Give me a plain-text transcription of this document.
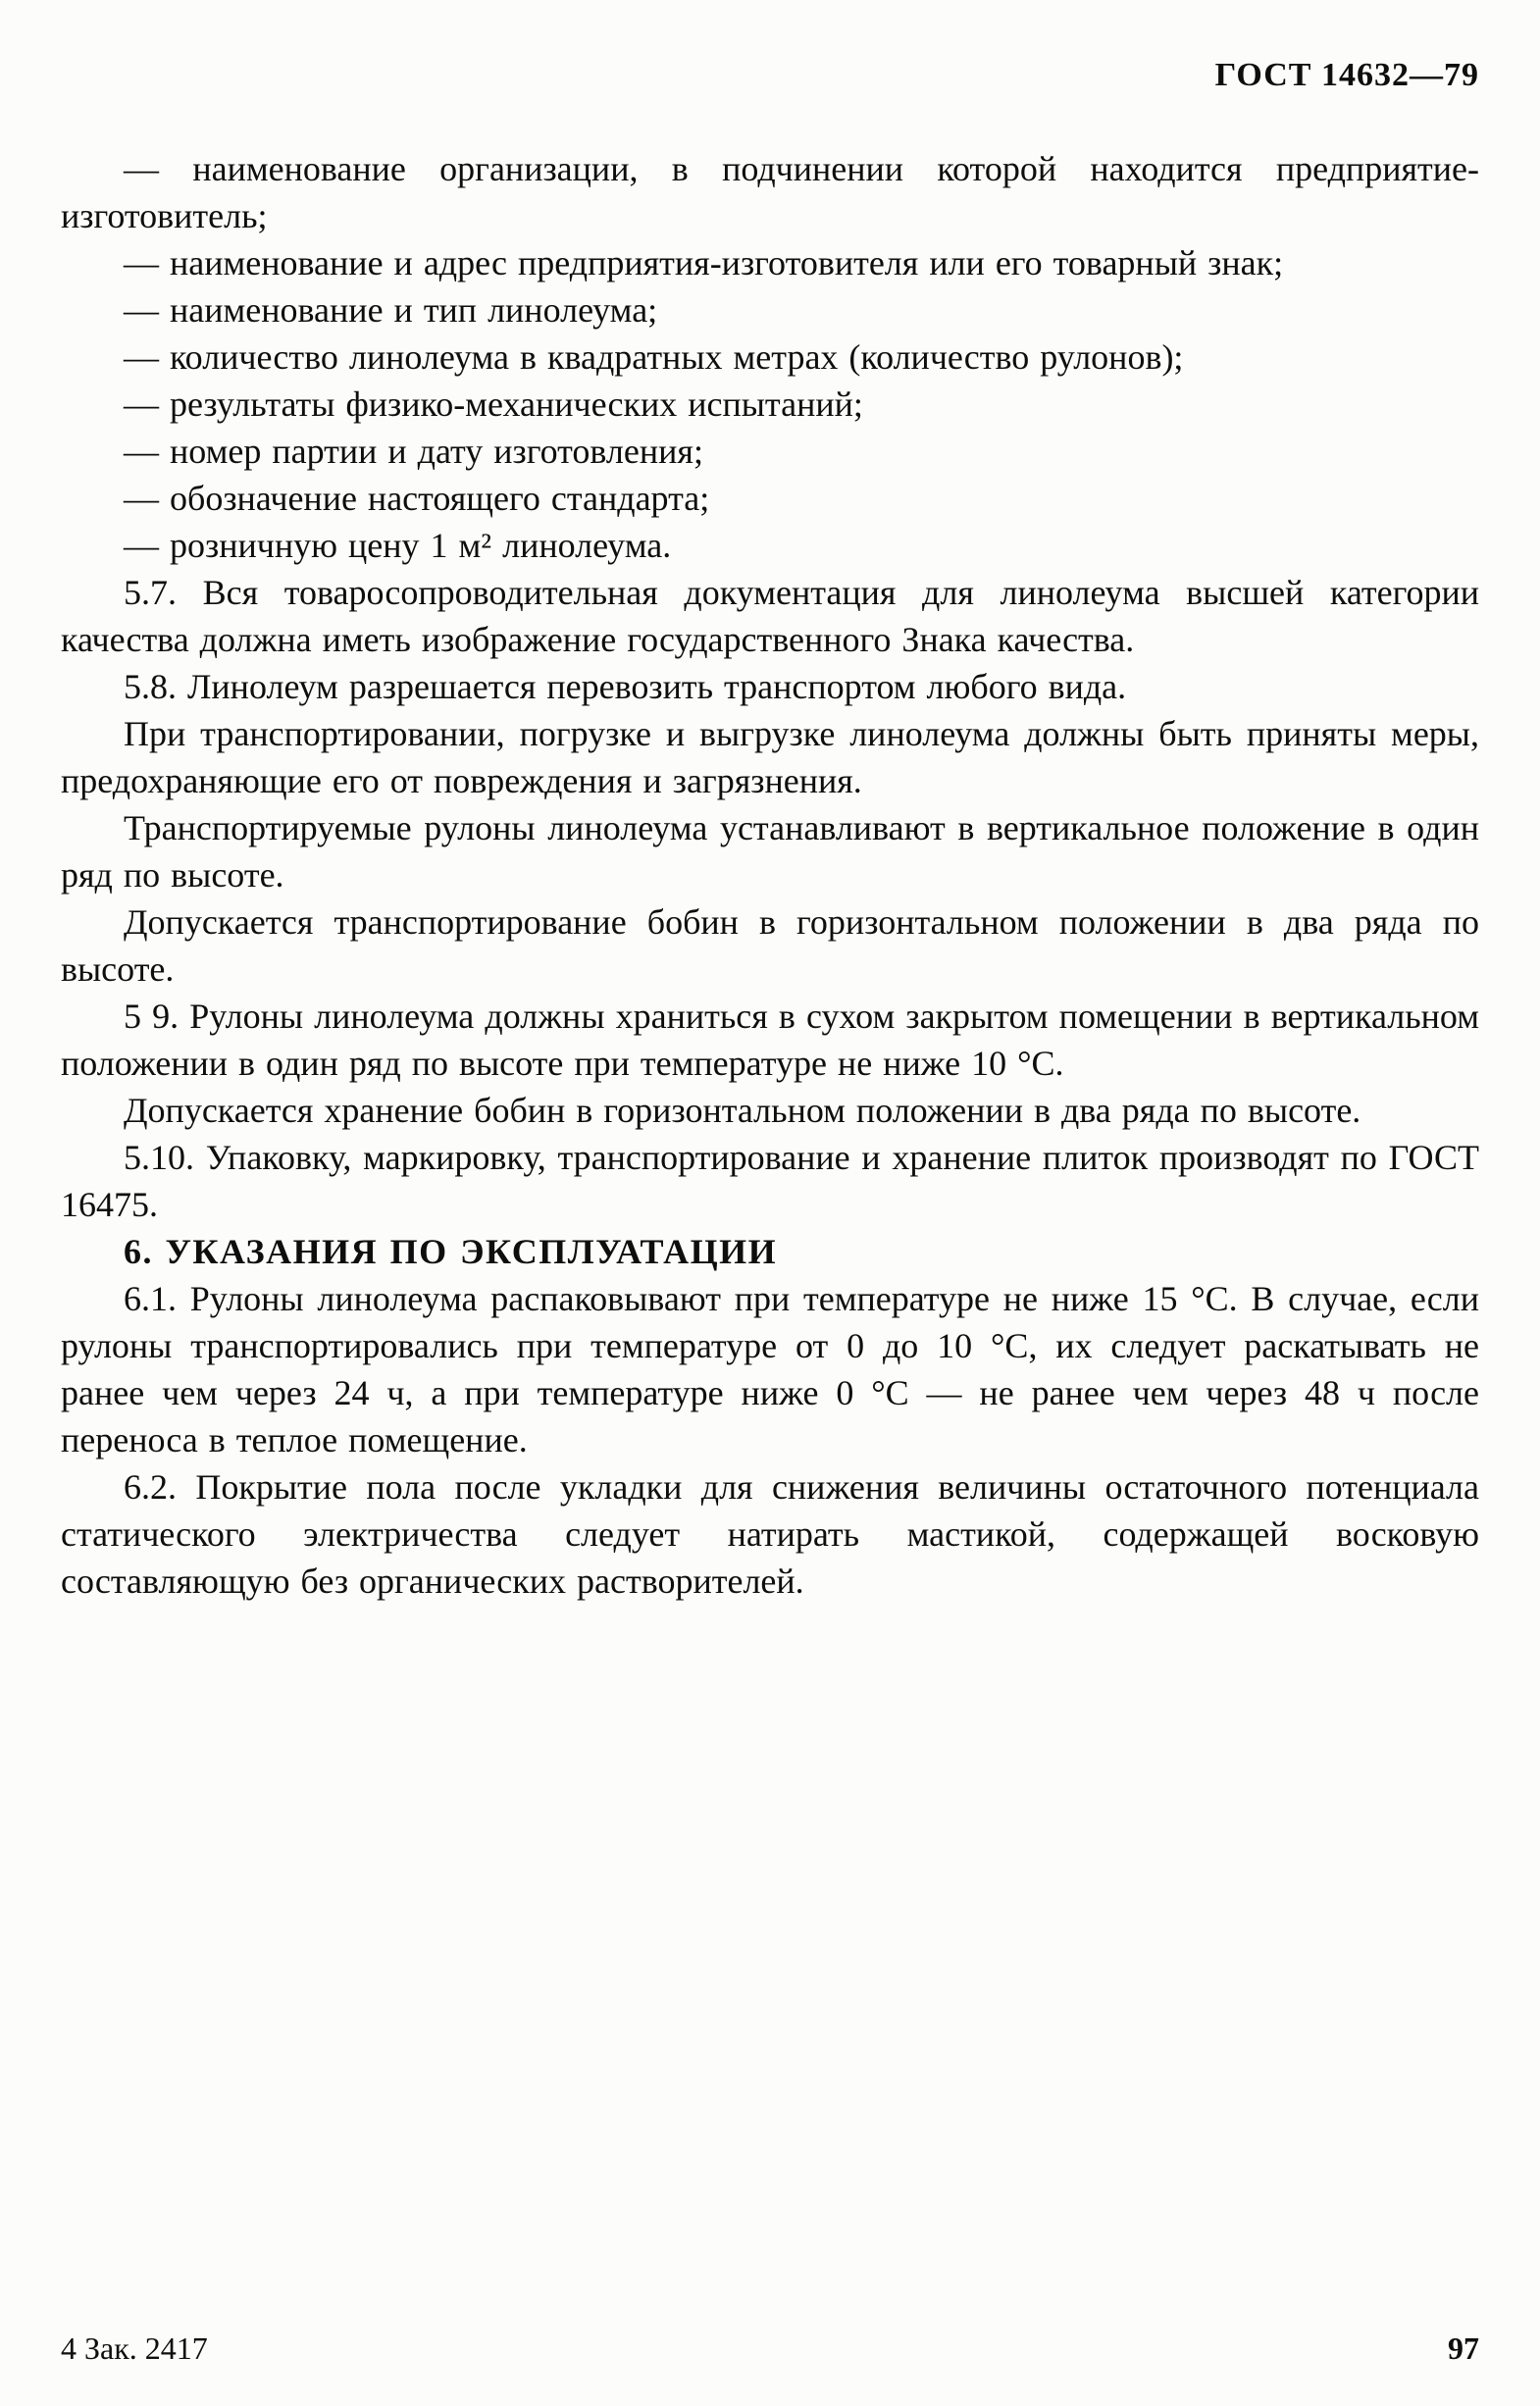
ГОСТ 14632—79

— наименование организации, в подчинении которой находится предприятие-изготовитель;

— наименование и адрес предприятия-изготовителя или его товарный знак;

— наименование и тип линолеума;

— количество линолеума в квадратных метрах (количество рулонов);

— результаты физико-механических испытаний;

— номер партии и дату изготовления;

— обозначение настоящего стандарта;

— розничную цену 1 м² линолеума.

5.7. Вся товаросопроводительная документация для линолеума высшей категории качества должна иметь изображение государственного Знака качества.

5.8. Линолеум разрешается перевозить транспортом любого вида.

При транспортировании, погрузке и выгрузке линолеума должны быть приняты меры, предохраняющие его от повреждения и загрязнения.

Транспортируемые рулоны линолеума устанавливают в вертикальное положение в один ряд по высоте.

Допускается транспортирование бобин в горизонтальном положении в два ряда по высоте.

5 9. Рулоны линолеума должны храниться в сухом закрытом помещении в вертикальном положении в один ряд по высоте при температуре не ниже 10 °С.

Допускается хранение бобин в горизонтальном положении в два ряда по высоте.

5.10. Упаковку, маркировку, транспортирование и хранение плиток производят по ГОСТ 16475.

6. УКАЗАНИЯ ПО ЭКСПЛУАТАЦИИ

6.1. Рулоны линолеума распаковывают при температуре не ниже 15 °С. В случае, если рулоны транспортировались при температуре от 0 до 10 °С, их следует раскатывать не ранее чем через 24 ч, а при температуре ниже 0 °С — не ранее чем через 48 ч после переноса в теплое помещение.

6.2. Покрытие пола после укладки для снижения величины остаточного потенциала статического электричества следует натирать мастикой, содержащей восковую составляющую без органических растворителей.

4 Зак. 2417	97
